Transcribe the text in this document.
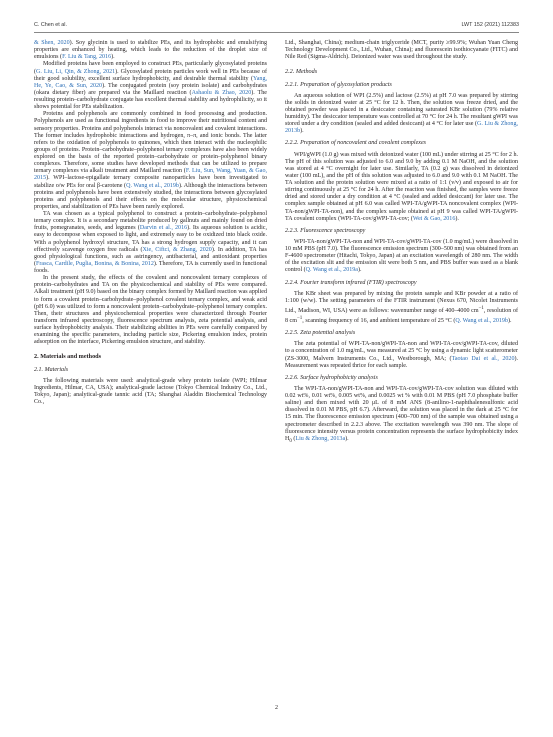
C. Chen et al.	LWT 152 (2021) 112383

& Shen, 2020). Soy glycinin is used to stabilize PEs, and its hydrophobic and emulsifying properties are enhanced by heating, which leads to the reduction of the droplet size of emulsions (F. Liu & Tang, 2016).

Modified proteins have been employed to construct PEs, particularly glycosylated proteins (G. Liu, Li, Qin, & Zhong, 2021). Glycosylated protein particles work well in PEs because of their good solubility, excellent surface hydrophobicity, and desirable thermal stability (Yang, He, Ye, Cao, & Sun, 2020). The conjugated protein (soy protein isolate) and carbohydrates (okara dietary fiber) are prepared via the Maillard reaction (Ashaolu & Zhao, 2020). The resulting protein–carbohydrate conjugate has excellent thermal stability and hydrophilicity, so it shows potential for PEs stabilization.

Proteins and polyphenols are commonly combined in food processing and production. Polyphenols are used as functional ingredients in food to improve their nutritional content and sensory properties. Proteins and polyphenols interact via noncovalent and covalent interactions. The former includes hydrophobic interactions and hydrogen, π–π, and ionic bonds. The latter refers to the oxidation of polyphenols to quinones, which then interact with the nucleophilic groups of proteins. Protein–carbohydrate–polyphenol ternary complexes have also been widely explored on the basis of the reported protein–carbohydrate or protein–polyphenol binary complexes. Therefore, some studies have developed methods that can be utilized to prepare ternary complexes via alkali treatment and Maillard reaction (F. Liu, Sun, Wang, Yuan, & Gao, 2015). WPI–lactose-epigallate ternary composite nanoparticles have been investigated to stabilize o/w PEs for oral β-carotene (Q. Wang et al., 2019b). Although the interactions between proteins and polyphenols have been extensively studied, the interactions between glycosylated proteins and polyphenols and their effects on the molecular structure, physicochemical properties, and stabilization of PEs have been rarely explored.

TA was chosen as a typical polyphenol to construct a protein–carbohydrate–polyphenol ternary complex. It is a secondary metabolite produced by gallnuts and mainly found on dried fruits, pomegranates, seeds, and legumes (Darvin et al., 2016). Its aqueous solution is acidic, easy to decompose when exposed to light, and extremely easy to be oxidized into black oxide. With a polyphenol hydroxyl structure, TA has a strong hydrogen supply capacity, and it can effectively scavenge oxygen free radicals (Xie, Ciftci, & Zhang, 2020). In addition, TA has good physiological functions, such as astringency, antibacterial, and antioxidant properties (Frasca, Cardile, Puglia, Bonina, & Bonina, 2012). Therefore, TA is currently used in functional foods.

In the present study, the effects of the covalent and noncovalent ternary complexes of protein–carbohydrates and TA on the physicochemical and stability of PEs were compared. Alkali treatment (pH 9.0) based on the binary complex formed by Maillard reaction was applied to form a covalent protein–carbohydrate–polyphenol covalent ternary complex, and weak acid (pH 6.0) was utilized to form a noncovalent protein–carbohydrate–polyphenol ternary complex. Then, their structures and physicochemical properties were characterized through Fourier transform infrared spectroscopy, fluorescence spectrum analysis, zeta potential analysis, and surface hydrophobicity analysis. Their stabilizing abilities in PEs were carefully compared by examining the specific parameters, including particle size, Pickering emulsion index, protein adsorption on the interface, Pickering emulsion structure, and stability.

2. Materials and methods
2.1. Materials

The following materials were used: analytical-grade whey protein isolate (WPI; Hilmar Ingredients, Hilmar, CA, USA); analytical-grade lactose (Tokyo Chemical Industry Co., Ltd., Tokyo, Japan); analytical-grade tannic acid (TA; Shanghai Aladdin Biochemical Technology Co.,

Ltd., Shanghai, China); medium-chain triglyceride (MCT, purity ≥99.9%; Wuhan Yuan Cheng Technology Development Co., Ltd., Wuhan, China); and fluorescein isothiocyanate (FITC) and Nile Red (Sigma-Aldrich). Deionized water was used throughout the study.

2.2. Methods
2.2.1. Preparation of glycosylation products

An aqueous solution of WPI (2.5%) and lactose (2.5%) at pH 7.0 was prepared by stirring the solids in deionized water at 25 °C for 12 h. Then, the solution was freeze dried, and the obtained powder was placed in a desiccator containing saturated KBr solution (79% relative humidity). The desiccator temperature was controlled at 70 °C for 24 h. The resultant gWPI was stored under a dry condition (sealed and added desiccant) at 4 °C for later use (G. Liu & Zhong, 2013b).

2.2.2. Preparation of noncovalent and covalent complexes

WPI/gWPI (1.0 g) was mixed with deionized water (100 mL) under stirring at 25 °C for 2 h. The pH of this solution was adjusted to 6.0 and 9.0 by adding 0.1 M NaOH, and the solution was stored at 4 °C overnight for later use. Similarly, TA (0.2 g) was dissolved in deionized water (100 mL), and the pH of this solution was adjusted to 6.0 and 9.0 with 0.1 M NaOH. The TA solution and the protein solution were mixed at a ratio of 1:1 (v/v) and exposed to air for stirring continuously at 25 °C for 24 h. After the reaction was finished, the samples were freeze dried and stored under a dry condition at 4 °C (sealed and added desiccant) for later use. The complex sample obtained at pH 6.0 was called WPI-TA/gWPI-TA noncovalent complex (WPI-TA-non/gWPI-TA-non), and the complex sample obtained at pH 9 was called WPI-TA/gWPI-TA covalent complex (WPI-TA-cov/gWPI-TA-cov; (Wei & Gao, 2016).

2.2.3. Fluorescence spectroscopy

WPI-TA-non/gWPI-TA-non and WPI-TA-cov/gWPI-TA-cov (1.0 mg/mL) were dissolved in 10 mM PBS (pH 7.0). The fluorescence emission spectrum (300–500 nm) was obtained from an F-4600 spectrometer (Hitachi, Tokyo, Japan) at an excitation wavelength of 280 nm. The width of the excitation slit and the emission slit were both 5 nm, and PBS buffer was used as a blank control (Q. Wang et al., 2019a).

2.2.4. Fourier transform infrared (FTIR) spectroscopy

The KBr sheet was prepared by mixing the protein sample and KBr powder at a ratio of 1:100 (w/w). The setting parameters of the FTIR instrument (Nexus 670, Nicolet Instruments Ltd., Madison, WI, USA) were as follows: wavenumber range of 400–4000 $cm^{-1}$, resolution of 8 $cm^{-1}$, scanning frequency of 16, and ambient temperature of 25 °C (Q. Wang et al., 2019b).

2.2.5. Zeta potential analysis

The zeta potential of WPI-TA-non/gWPI-TA-non and WPI-TA-cov/gWPI-TA-cov, diluted to a concentration of 1.0 mg/mL, was measured at 25 °C by using a dynamic light scatterometer (ZS-3000, Malvern Instruments Co., Ltd., Westborough, MA; (Taotao Dai et al., 2020). Measurement was repeated thrice for each sample.

2.2.6. Surface hydrophobicity analysis

The WPI-TA-non/gWPI-TA-non and WPI-TA-cov/gWPI-TA-cov solution was diluted with 0.02 wt%, 0.01 wt%, 0.005 wt%, and 0.0025 wt % with 0.01 M PBS (pH 7.0 phosphate buffer saline) and then mixed with 20 μL of 8 mM ANS (8-anilino-1-naphthalenesulfonic acid dissolved in 0.01 M PBS, pH 6.7). Afterward, the solution was placed in the dark at 25 °C for 15 min. The fluorescence emission spectrum (400–700 nm) of the sample was obtained using a spectrometer described in 2.2.3 above. The excitation wavelength was 390 nm. The slope of fluorescence intensity versus protein concentration represents the surface hydrophobicity index $H_0$ (Liu & Zhong, 2013a).

2
